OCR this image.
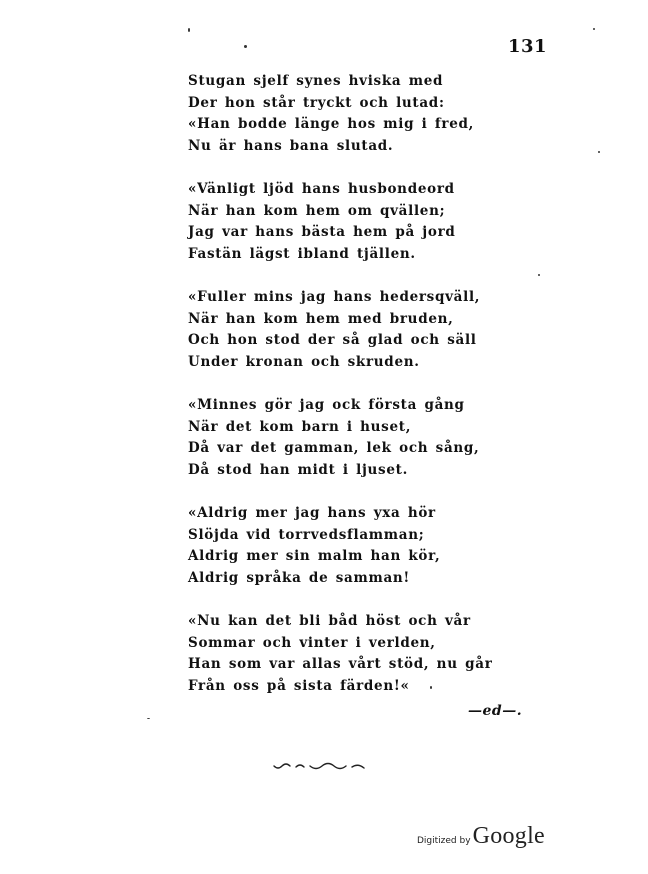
131
Stugan sjelf synes hviska med
Der hon står tryckt och lutad:
«Han bodde länge hos mig i fred,
Nu är hans bana slutad.
«Vänligt ljöd hans husbondeord
När han kom hem om qvällen;
Jag var hans bästa hem på jord
Fastän lägst ibland tjällen.
«Fuller mins jag hans hedersqväll,
När han kom hem med bruden,
Och hon stod der så glad och säll
Under kronan och skruden.
«Minnes gör jag ock första gång
När det kom barn i huset,
Då var det gamman, lek och sång,
Då stod han midt i ljuset.
«Aldrig mer jag hans yxa hör
Slöjda vid torrvedsflamman;
Aldrig mer sin malm han kör,
Aldrig språka de samman!
«Nu kan det bli båd höst och vår
Sommar och vinter i verlden,
Han som var allas vårt stöd, nu går
Från oss på sista färden!«
—ed—.
Digitized by Google
